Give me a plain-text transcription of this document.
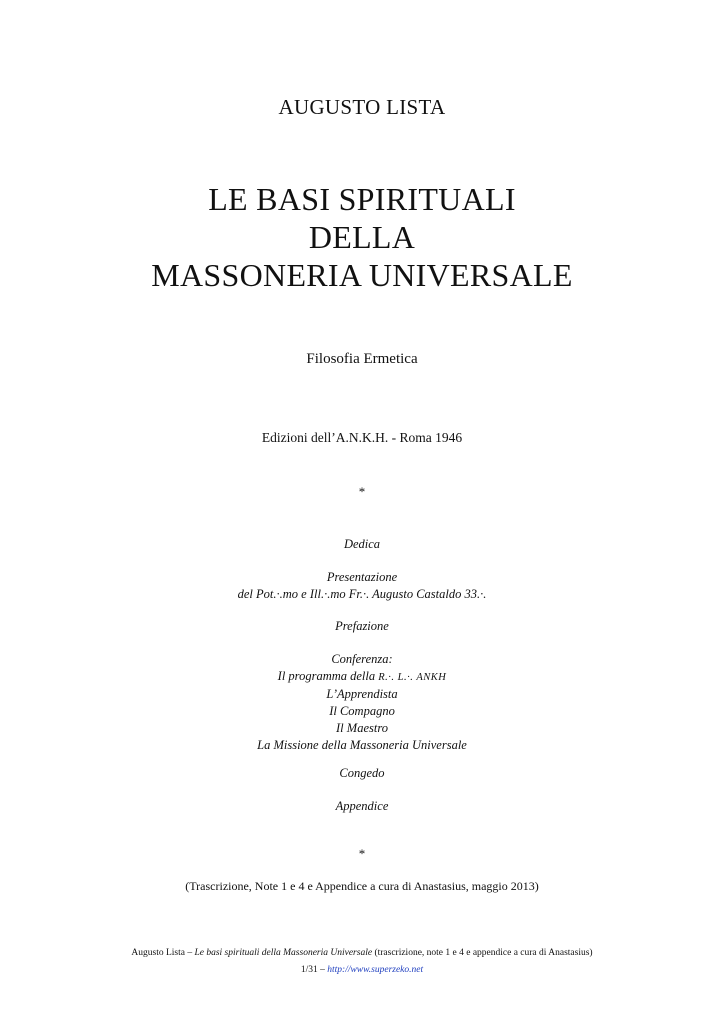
AUGUSTO LISTA
LE BASI SPIRITUALI
DELLA
MASSONERIA UNIVERSALE
Filosofia Ermetica
Edizioni dell’A.N.K.H. - Roma 1946
*
Dedica
Presentazione
del Pot.·.mo e Ill.·.mo Fr.·. Augusto Castaldo 33.·.
Prefazione
Conferenza:
Il programma della R.·. L.·. ANKH
L’Apprendista
Il Compagno
Il Maestro
La Missione della Massoneria Universale
Congedo
Appendice
*
(Trascrizione, Note 1 e 4 e Appendice a cura di Anastasius, maggio 2013)
Augusto Lista – Le basi spirituali della Massoneria Universale (trascrizione, note 1 e 4 e appendice a cura di Anastasius)
1/31 – http://www.superzeko.net
